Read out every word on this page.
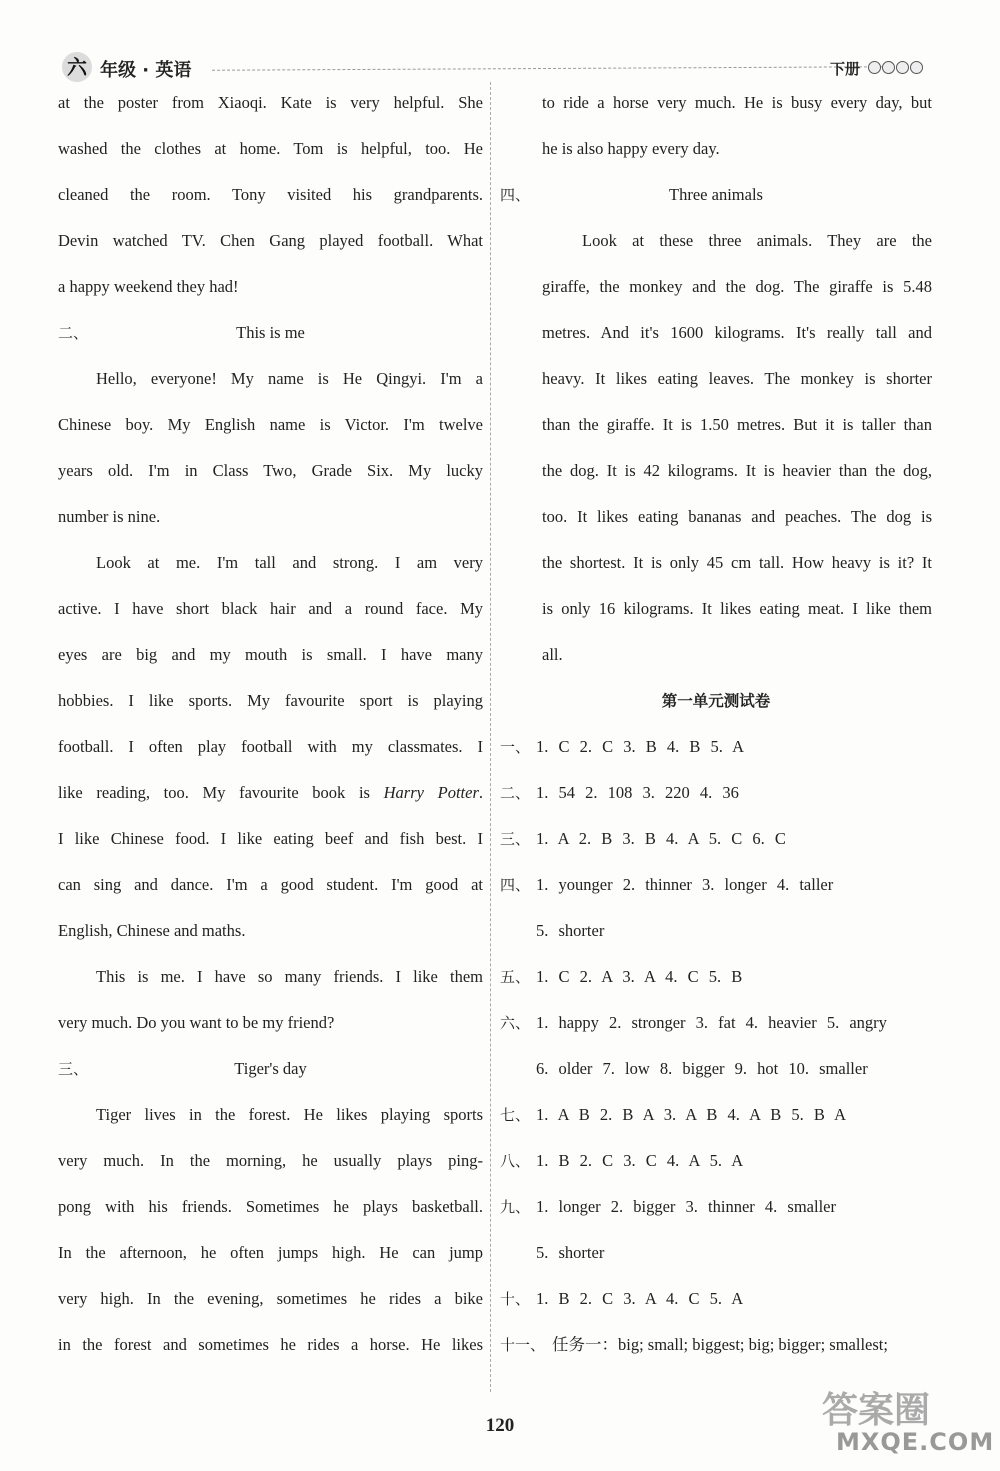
六 年级 · 英语	下册
at the poster from Xiaoqi. Kate is very helpful. She
washed the clothes at home. Tom is helpful, too. He
cleaned the room. Tony visited his grandparents.
Devin watched TV. Chen Gang played football. What
a happy weekend they had!
二、	This is me
Hello, everyone! My name is He Qingyi. I'm a
Chinese boy. My English name is Victor. I'm twelve
years old. I'm in Class Two, Grade Six. My lucky
number is nine.
Look at me. I'm tall and strong. I am very
active. I have short black hair and a round face. My
eyes are big and my mouth is small. I have many
hobbies. I like sports. My favourite sport is playing
football. I often play football with my classmates. I
like reading, too. My favourite book is Harry Potter.
I like Chinese food. I like eating beef and fish best. I
can sing and dance. I'm a good student. I'm good at
English, Chinese and maths.
This is me. I have so many friends. I like them
very much. Do you want to be my friend?
三、	Tiger's day
Tiger lives in the forest. He likes playing sports
very much. In the morning, he usually plays ping-
pong with his friends. Sometimes he plays basketball.
In the afternoon, he often jumps high. He can jump
very high. In the evening, sometimes he rides a bike
in the forest and sometimes he rides a horse. He likes
to ride a horse very much. He is busy every day, but
he is also happy every day.
四、	Three animals
Look at these three animals. They are the
giraffe, the monkey and the dog. The giraffe is 5.48
metres. And it's 1600 kilograms. It's really tall and
heavy. It likes eating leaves. The monkey is shorter
than the giraffe. It is 1.50 metres. But it is taller than
the dog. It is 42 kilograms. It is heavier than the dog,
too. It likes eating bananas and peaches. The dog is
the shortest. It is only 45 cm tall. How heavy is it? It
is only 16 kilograms. It likes eating meat. I like them
all.
第一单元测试卷
一、 1. C 2. C 3. B 4. B 5. A
二、 1. 54 2. 108 3. 220 4. 36
三、 1. A 2. B 3. B 4. A 5. C 6. C
四、 1. younger 2. thinner 3. longer 4. taller
5. shorter
五、 1. C 2. A 3. A 4. C 5. B
六、 1. happy 2. stronger 3. fat 4. heavier 5. angry
6. older 7. low 8. bigger 9. hot 10. smaller
七、 1. A B 2. B A 3. A B 4. A B 5. B A
八、 1. B 2. C 3. C 4. A 5. A
九、 1. longer 2. bigger 3. thinner 4. smaller
5. shorter
十、 1. B 2. C 3. A 4. C 5. A
十一、 任务一：big; small; biggest; big; bigger; smallest;
120	答案圈
MXQE.COM
